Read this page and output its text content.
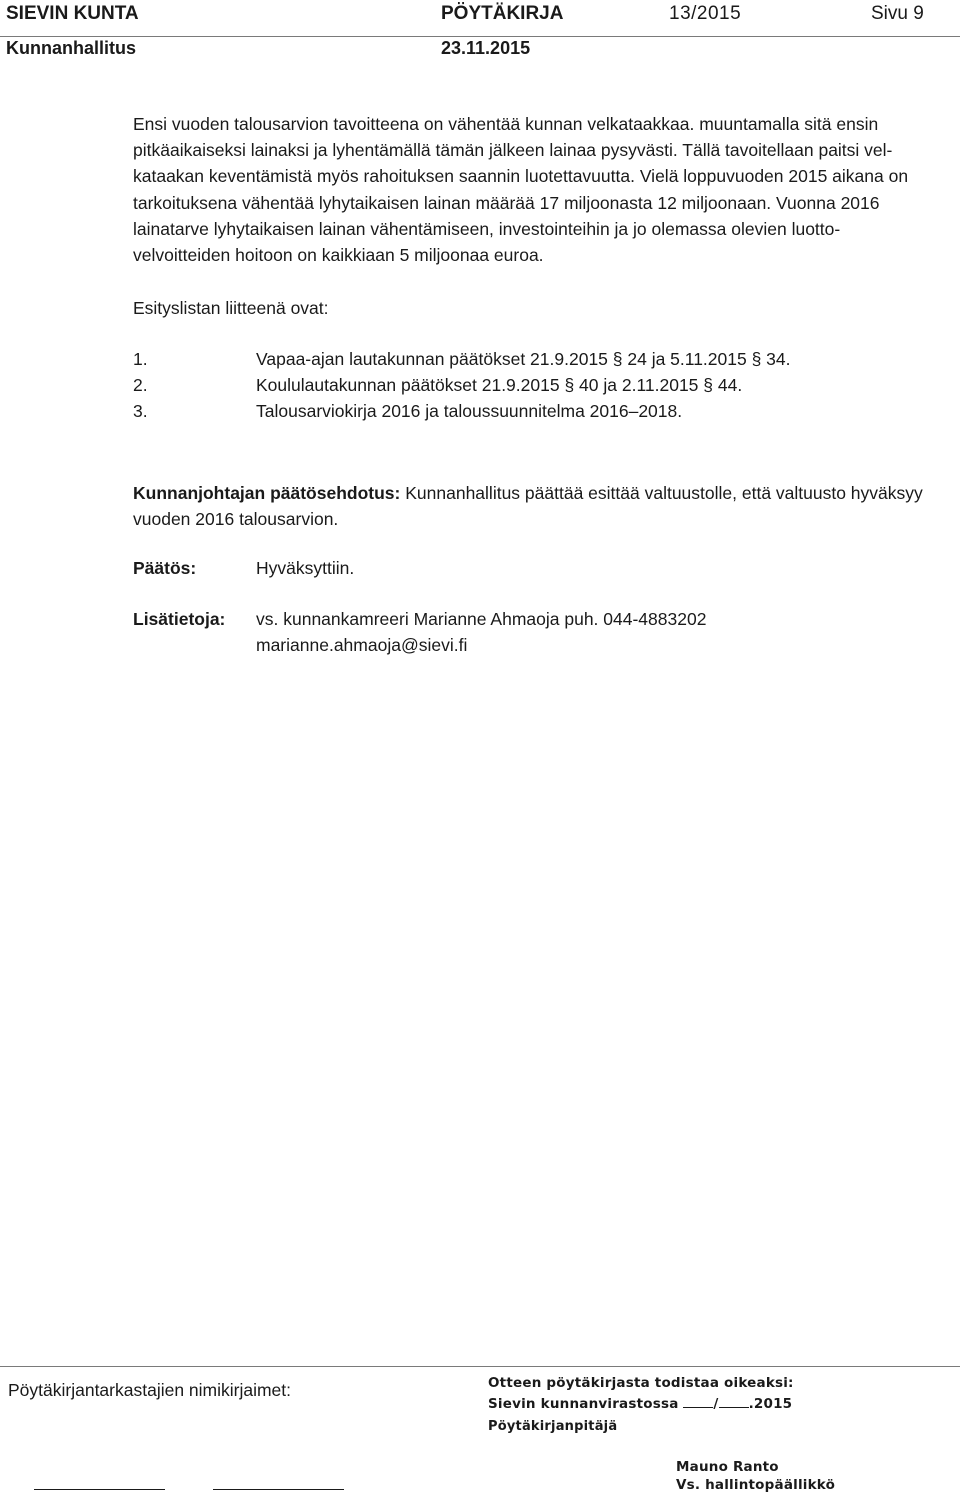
SIEVIN KUNTA	PÖYTÄKIRJA	13/2015	Sivu 9
Kunnanhallitus	23.11.2015

Ensi vuoden talousarvion tavoitteena on vähentää kunnan velkataakkaa. muuntamalla sitä ensin pitkäaikaiseksi lainaksi ja lyhentämällä tämän jälkeen lainaa pysyvästi. Tällä tavoitellaan paitsi velkataakan keventämistä myös rahoituksen saannin luotettavuutta. Vielä loppuvuoden 2015 aikana on tarkoituksena vähentää lyhytaikaisen lainan määrää 17 miljoonasta 12 miljoonaan. Vuonna 2016 lainatarve lyhytaikaisen lainan vähentämiseen, investointeihin ja jo olemassa olevien luottovelvoitteiden hoitoon on kaikkiaan 5 miljoonaa euroa.

Esityslistan liitteenä ovat:
1.	Vapaa-ajan lautakunnan päätökset 21.9.2015 § 24 ja 5.11.2015 § 34.
2.	Koululautakunnan päätökset 21.9.2015 § 40 ja 2.11.2015 § 44.
3.	Talousarviokirja 2016 ja taloussuunnitelma 2016–2018.

Kunnanjohtajan päätösehdotus: Kunnanhallitus päättää esittää valtuustolle, että valtuusto hyväksyy vuoden 2016 talousarvion.

Päätös:	Hyväksyttiin.
Lisätietoja: vs. kunnankamreeri Marianne Ahmaoja puh. 044-4883202
marianne.ahmaoja@sievi.fi
Pöytäkirjantarkastajien nimikirjaimet:	Otteen pöytäkirjasta todistaa oikeaksi:
Sievin kunnanvirastossa	/ .2015
Pöytäkirjanpitäjä
Mauno Ranto
Vs. hallintopäällikkö
